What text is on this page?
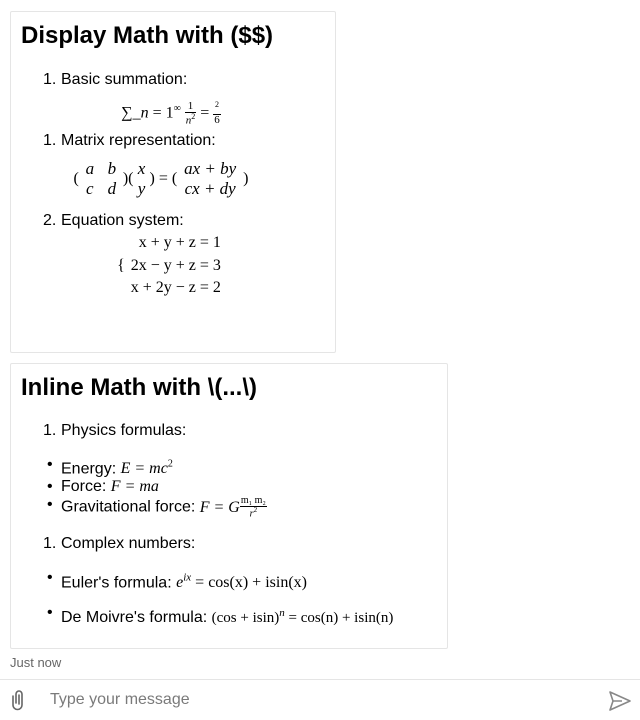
Display Math with ($$)
1. Basic summation:
∑_n = $1^\infty \frac{1}{n^2} = \frac{^2}{6}$
1. Matrix representation:
(
a b
c d
)(
x
y
) = (
ax + by
cx + dy
)
2. Equation system:
{
x + y + z = 1
2x − y + z = 3
x + 2y − z = 2
Inline Math with \(...\)
1. Physics formulas:
• Energy: $E = mc^2$
• Force: F = ma
• Gravitational force: F = G $\frac{\text{m₁ m₂}}{r^2}$
1. Complex numbers:
• Euler's formula: $e^{ix} = \cos(x) + isin(x)$
• De Moivre's formula: $(\cos + isin)^n = \cos(n) + isin(n)$
Just now
Type your message
